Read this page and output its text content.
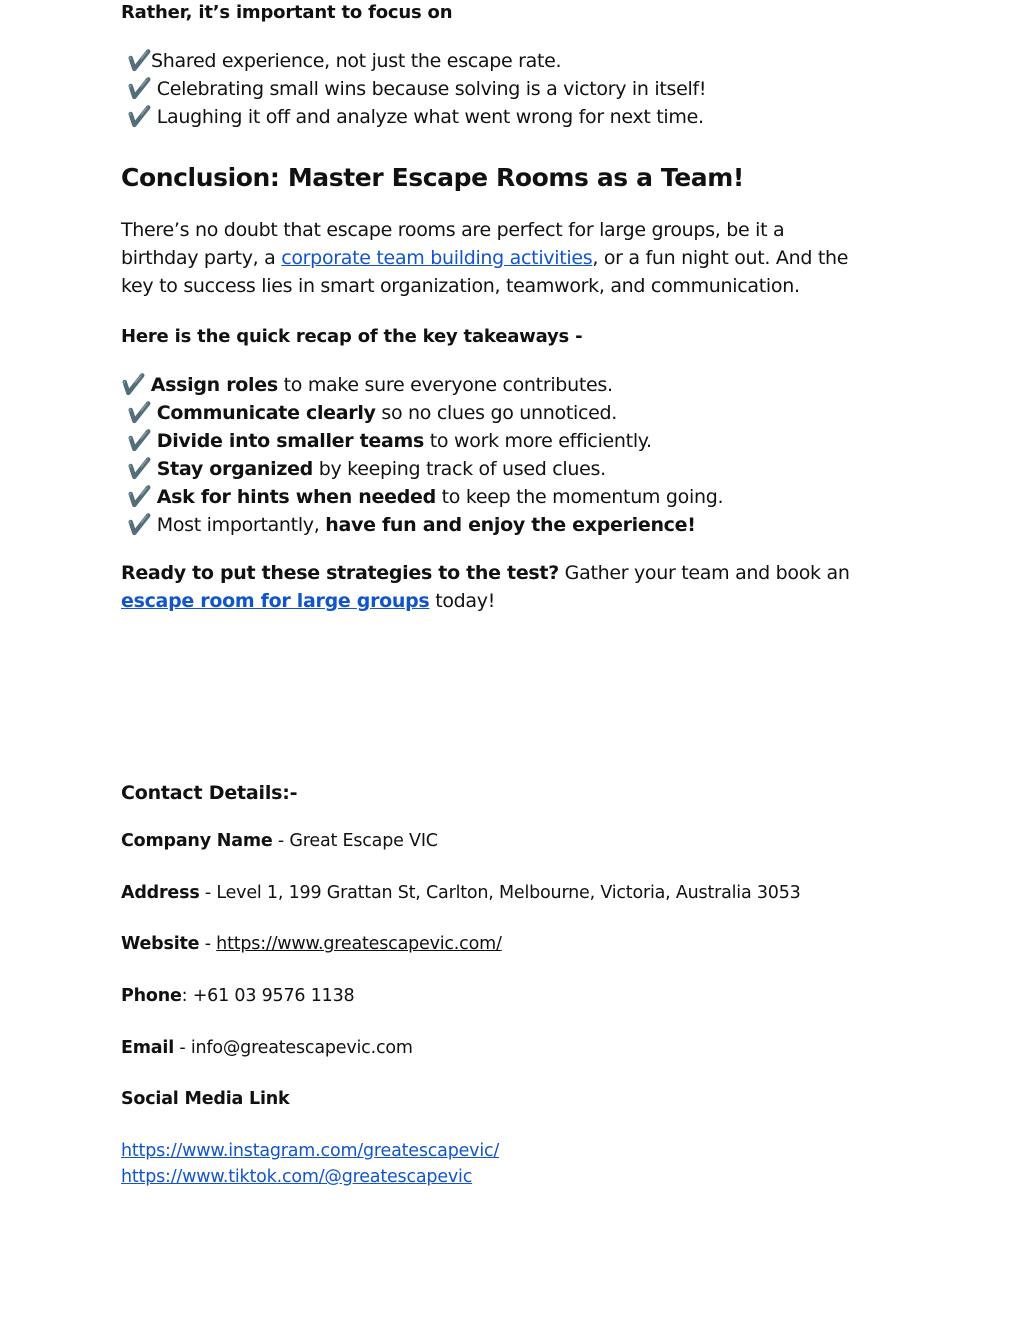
Rather, it’s important to focus on
✔️Shared experience, not just the escape rate.
✔️ Celebrating small wins because solving is a victory in itself!
✔️ Laughing it off and analyze what went wrong for next time.
Conclusion: Master Escape Rooms as a Team!
There’s no doubt that escape rooms are perfect for large groups, be it a
birthday party, a corporate team building activities, or a fun night out. And the
key to success lies in smart organization, teamwork, and communication.
Here is the quick recap of the key takeaways -
✔️ Assign roles to make sure everyone contributes.
✔️ Communicate clearly so no clues go unnoticed.
✔️ Divide into smaller teams to work more efficiently.
✔️ Stay organized by keeping track of used clues.
✔️ Ask for hints when needed to keep the momentum going.
✔️ Most importantly, have fun and enjoy the experience!
Ready to put these strategies to the test? Gather your team and book an
escape room for large groups today!
Contact Details:-
Company Name - Great Escape VIC
Address - Level 1, 199 Grattan St, Carlton, Melbourne, Victoria, Australia 3053
Website - https://www.greatescapevic.com/
Phone: +61 03 9576 1138
Email - info@greatescapevic.com
Social Media Link
https://www.instagram.com/greatescapevic/
https://www.tiktok.com/@greatescapevic
